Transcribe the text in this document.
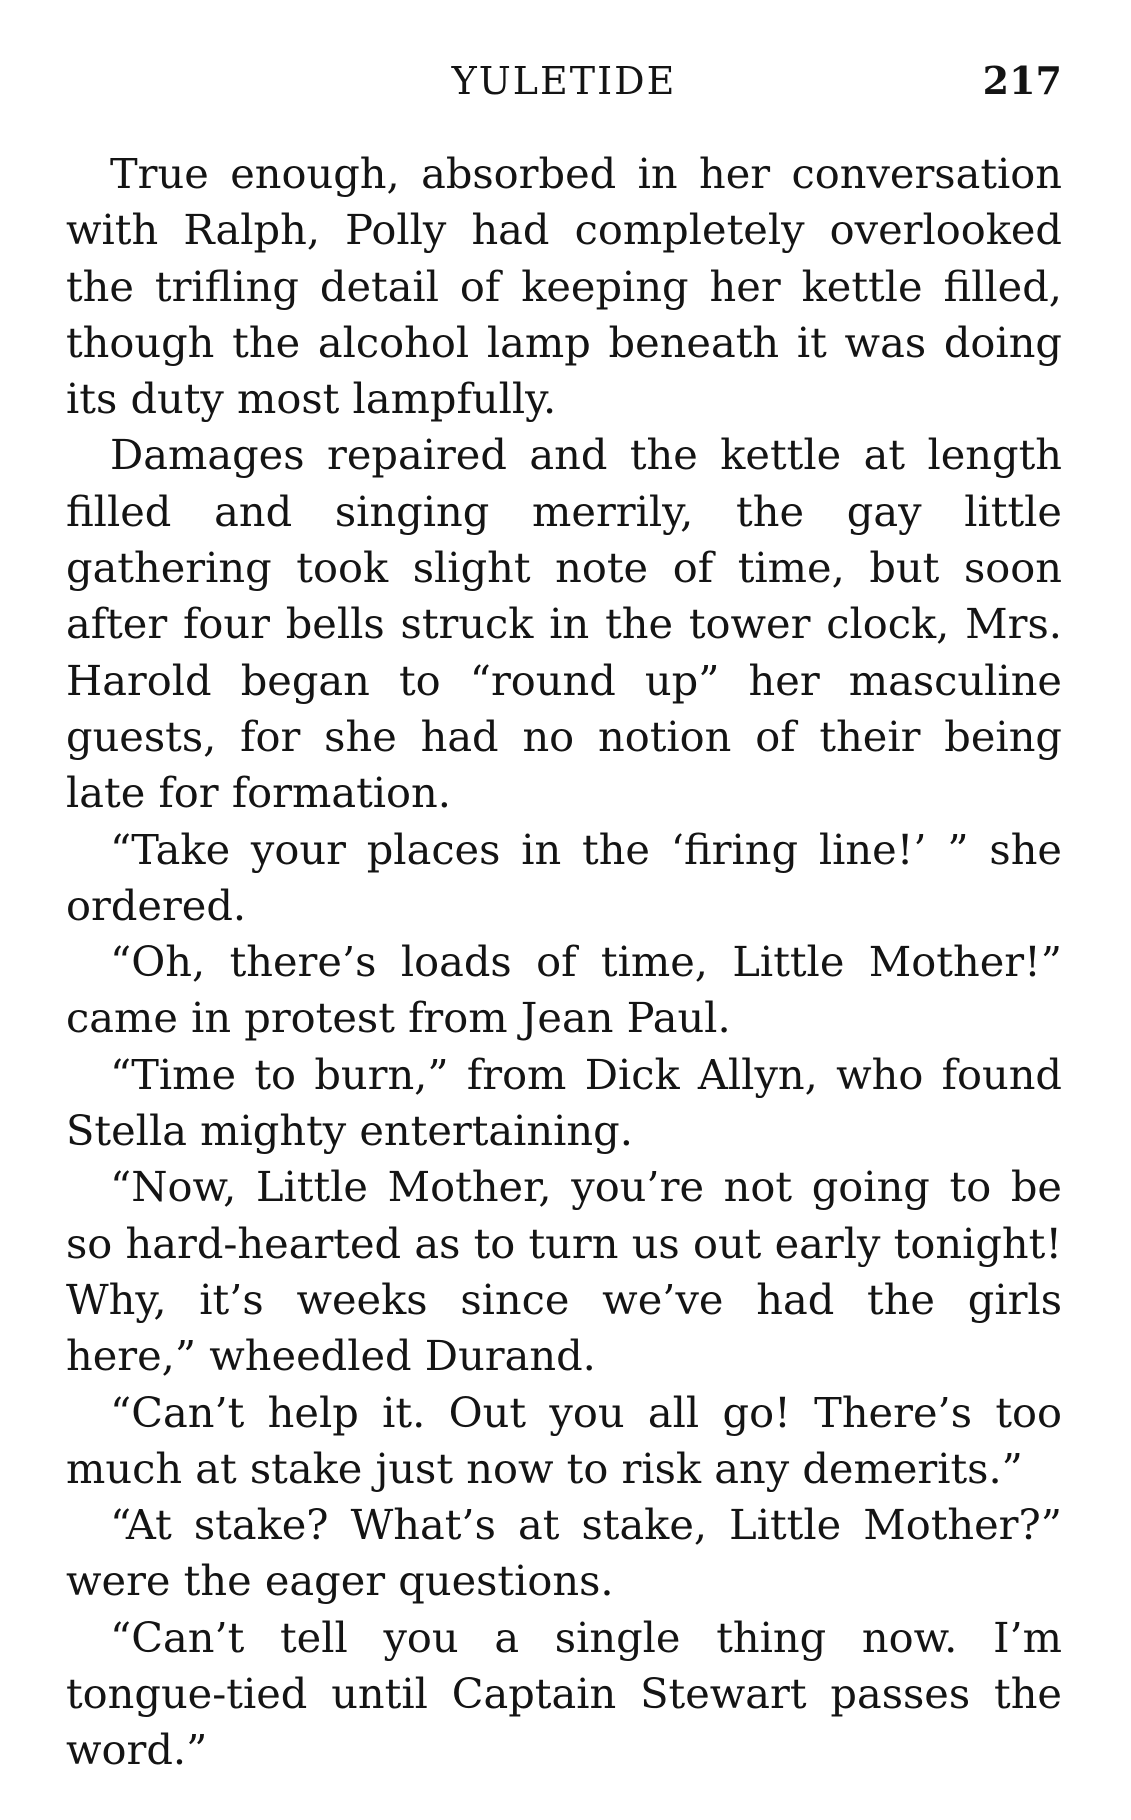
YULETIDE	217

True enough, absorbed in her conversation with Ralph, Polly had completely overlooked the trifling detail of keeping her kettle filled, though the alcohol lamp beneath it was doing its duty most lampfully.

Damages repaired and the kettle at length filled and singing merrily, the gay little gathering took slight note of time, but soon after four bells struck in the tower clock, Mrs. Harold began to “round up” her masculine guests, for she had no notion of their being late for formation.

“Take your places in the ‘firing line!’ ” she ordered.

“Oh, there’s loads of time, Little Mother!” came in protest from Jean Paul.

“Time to burn,” from Dick Allyn, who found Stella mighty entertaining.

“Now, Little Mother, you’re not going to be so hard-hearted as to turn us out early tonight! Why, it’s weeks since we’ve had the girls here,” wheedled Durand.

“Can’t help it. Out you all go! There’s too much at stake just now to risk any demerits.”

“At stake? What’s at stake, Little Mother?” were the eager questions.

“Can’t tell you a single thing now. I’m tongue-tied until Captain Stewart passes the word.”
